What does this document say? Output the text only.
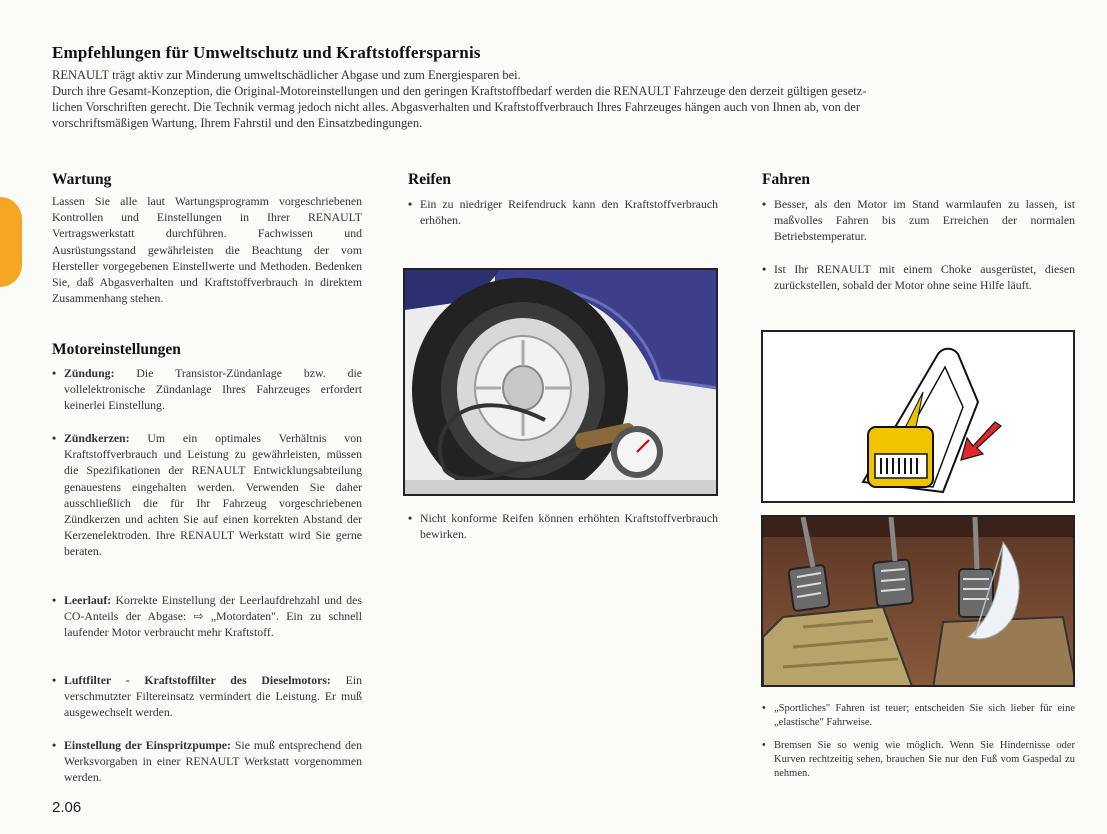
Empfehlungen für Umweltschutz und Kraftstoffersparnis
RENAULT trägt aktiv zur Minderung umweltschädlicher Abgase und zum Energiesparen bei.
Durch ihre Gesamt-Konzeption, die Original-Motoreinstellungen und den geringen Kraftstoffbedarf werden die RENAULT Fahrzeuge den derzeit gültigen gesetz-
lichen Vorschriften gerecht. Die Technik vermag jedoch nicht alles. Abgasverhalten und Kraftstoffverbrauch Ihres Fahrzeuges hängen auch von Ihnen ab, von der
vorschriftsmäßigen Wartung, Ihrem Fahrstil und den Einsatzbedingungen.
Wartung
Lassen Sie alle laut Wartungsprogramm vorgeschriebenen Kontrollen und Einstellungen in Ihrer RENAULT Vertragswerkstatt durchführen. Fachwissen und Ausrüstungsstand gewährleisten die Beachtung der vom Hersteller vorgegebenen Einstellwerte und Methoden. Bedenken Sie, daß Abgasverhalten und Kraftstoffverbrauch in direktem Zusammenhang stehen.
Motoreinstellungen
• Zündung: Die Transistor-Zündanlage bzw. die vollelektronische Zündanlage Ihres Fahrzeuges erfordert keinerlei Einstellung.
• Zündkerzen: Um ein optimales Verhältnis von Kraftstoffverbrauch und Leistung zu gewährleisten, müssen die Spezifikationen der RENAULT Entwicklungsabteilung genauestens eingehalten werden. Verwenden Sie daher ausschließlich die für Ihr Fahrzeug vorgeschriebenen Zündkerzen und achten Sie auf einen korrekten Abstand der Kerzenelektroden. Ihre RENAULT Werkstatt wird Sie gerne beraten.
• Leerlauf: Korrekte Einstellung der Leerlaufdrehzahl und des CO-Anteils der Abgase: ⇨ „Motordaten". Ein zu schnell laufender Motor verbraucht mehr Kraftstoff.
• Luftfilter - Kraftstoffilter des Dieselmotors: Ein verschmutzter Filtereinsatz vermindert die Leistung. Er muß ausgewechselt werden.
• Einstellung der Einspritzpumpe: Sie muß entsprechend den Werksvorgaben in einer RENAULT Werkstatt vorgenommen werden.
2.06
Reifen
• Ein zu niedriger Reifendruck kann den Kraftstoffverbrauch erhöhen.
• Nicht konforme Reifen können erhöhten Kraftstoffverbrauch bewirken.
Fahren
• Besser, als den Motor im Stand warmlaufen zu lassen, ist maßvolles Fahren bis zum Erreichen der normalen Betriebstemperatur.
• Ist Ihr RENAULT mit einem Choke ausgerüstet, diesen zurückstellen, sobald der Motor ohne seine Hilfe läuft.
• „Sportliches" Fahren ist teuer; entscheiden Sie sich lieber für eine „elastische" Fahrweise.
• Bremsen Sie so wenig wie möglich. Wenn Sie Hindernisse oder Kurven rechtzeitig sehen, brauchen Sie nur den Fuß vom Gaspedal zu nehmen.
